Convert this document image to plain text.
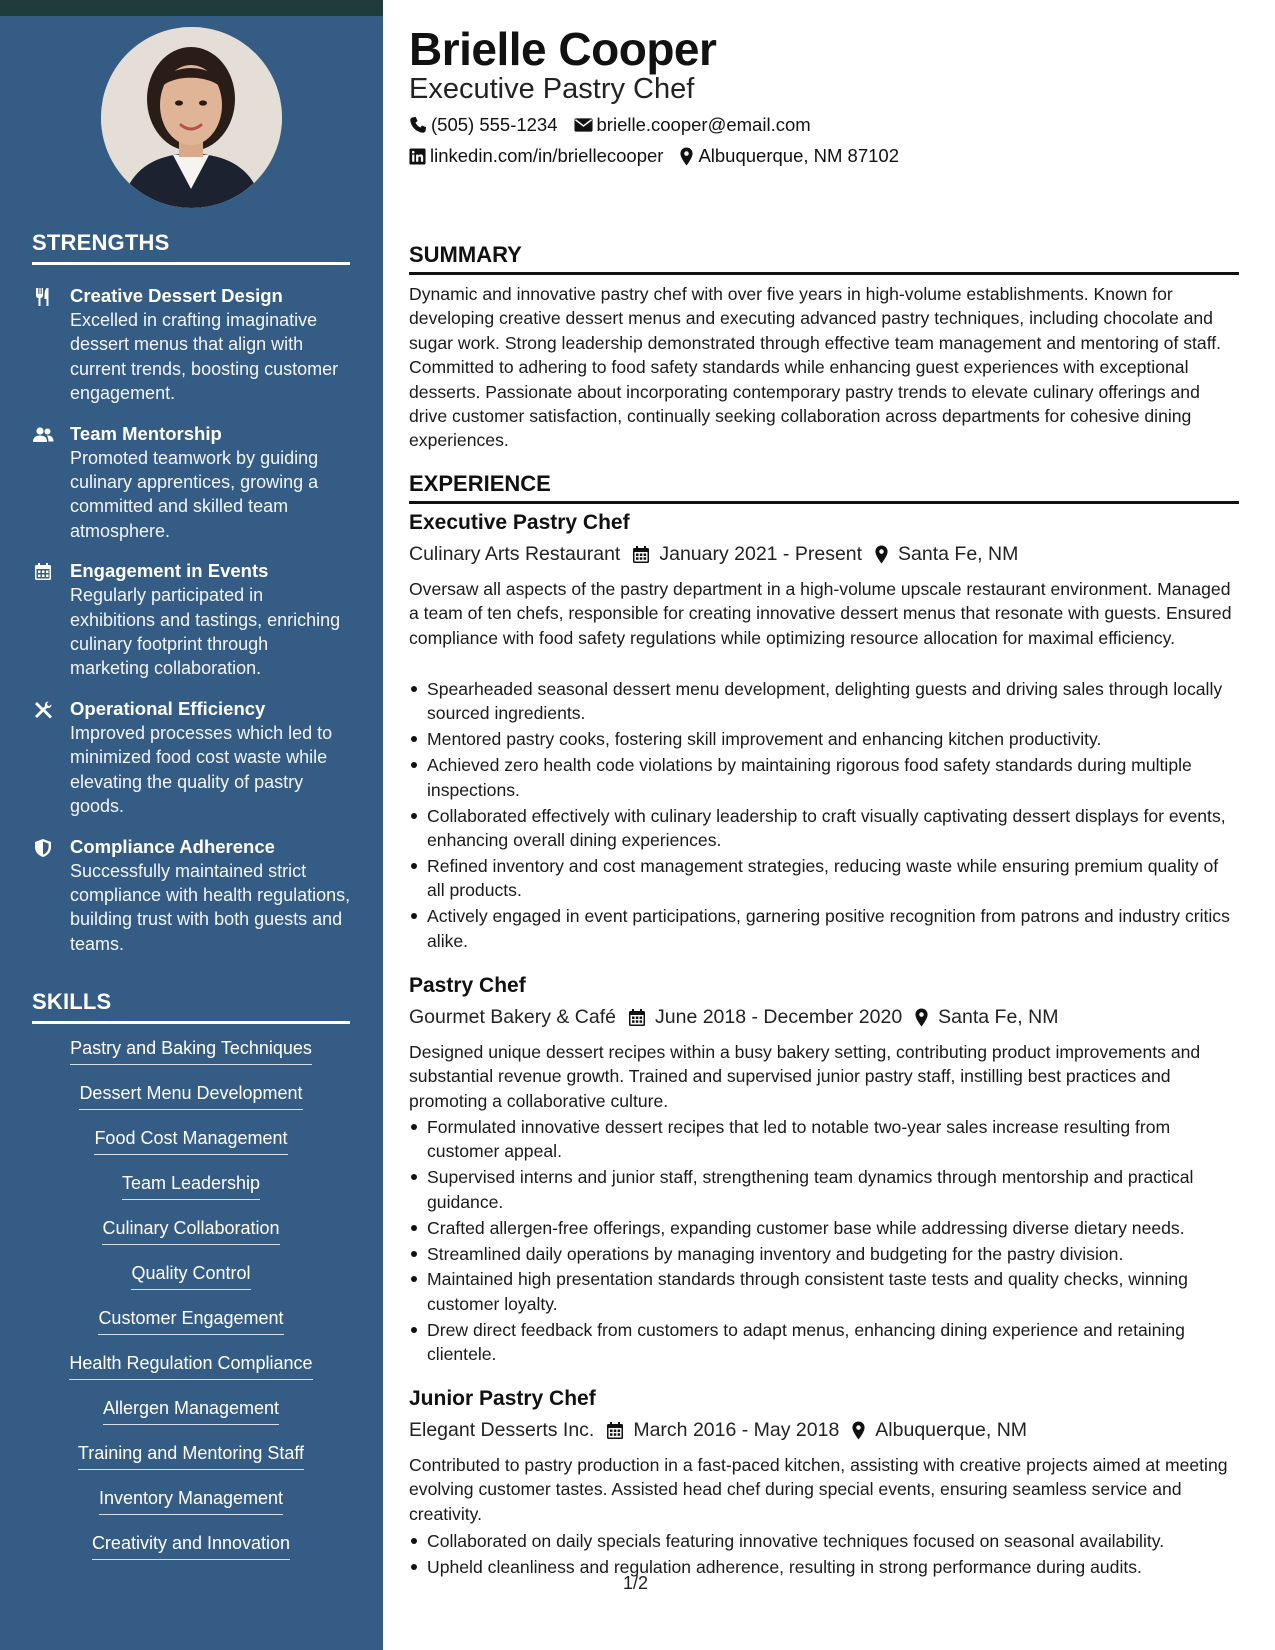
STRENGTHS
Creative Dessert Design
Excelled in crafting imaginative dessert menus that align with current trends, boosting customer engagement.
Team Mentorship
Promoted teamwork by guiding culinary apprentices, growing a committed and skilled team atmosphere.
Engagement in Events
Regularly participated in exhibitions and tastings, enriching culinary footprint through marketing collaboration.
Operational Efficiency
Improved processes which led to minimized food cost waste while elevating the quality of pastry goods.
Compliance Adherence
Successfully maintained strict compliance with health regulations, building trust with both guests and teams.
SKILLS
Pastry and Baking Techniques
Dessert Menu Development
Food Cost Management
Team Leadership
Culinary Collaboration
Quality Control
Customer Engagement
Health Regulation Compliance
Allergen Management
Training and Mentoring Staff
Inventory Management
Creativity and Innovation
Brielle Cooper
Executive Pastry Chef
(505) 555-1234 brielle.cooper@email.com
linkedin.com/in/briellecooper Albuquerque, NM 87102
SUMMARY
Dynamic and innovative pastry chef with over five years in high-volume establishments. Known for developing creative dessert menus and executing advanced pastry techniques, including chocolate and sugar work. Strong leadership demonstrated through effective team management and mentoring of staff. Committed to adhering to food safety standards while enhancing guest experiences with exceptional desserts. Passionate about incorporating contemporary pastry trends to elevate culinary offerings and drive customer satisfaction, continually seeking collaboration across departments for cohesive dining experiences.
EXPERIENCE
Executive Pastry Chef
Culinary Arts Restaurant January 2021 - Present Santa Fe, NM
Oversaw all aspects of the pastry department in a high-volume upscale restaurant environment. Managed a team of ten chefs, responsible for creating innovative dessert menus that resonate with guests. Ensured compliance with food safety regulations while optimizing resource allocation for maximal efficiency.
Spearheaded seasonal dessert menu development, delighting guests and driving sales through locally sourced ingredients.
Mentored pastry cooks, fostering skill improvement and enhancing kitchen productivity.
Achieved zero health code violations by maintaining rigorous food safety standards during multiple inspections.
Collaborated effectively with culinary leadership to craft visually captivating dessert displays for events, enhancing overall dining experiences.
Refined inventory and cost management strategies, reducing waste while ensuring premium quality of all products.
Actively engaged in event participations, garnering positive recognition from patrons and industry critics alike.
Pastry Chef
Gourmet Bakery & Café June 2018 - December 2020 Santa Fe, NM
Designed unique dessert recipes within a busy bakery setting, contributing product improvements and substantial revenue growth. Trained and supervised junior pastry staff, instilling best practices and promoting a collaborative culture.
Formulated innovative dessert recipes that led to notable two-year sales increase resulting from customer appeal.
Supervised interns and junior staff, strengthening team dynamics through mentorship and practical guidance.
Crafted allergen-free offerings, expanding customer base while addressing diverse dietary needs.
Streamlined daily operations by managing inventory and budgeting for the pastry division.
Maintained high presentation standards through consistent taste tests and quality checks, winning customer loyalty.
Drew direct feedback from customers to adapt menus, enhancing dining experience and retaining clientele.
Junior Pastry Chef
Elegant Desserts Inc. March 2016 - May 2018 Albuquerque, NM
Contributed to pastry production in a fast-paced kitchen, assisting with creative projects aimed at meeting evolving customer tastes. Assisted head chef during special events, ensuring seamless service and creativity.
Collaborated on daily specials featuring innovative techniques focused on seasonal availability.
Upheld cleanliness and regulation adherence, resulting in strong performance during audits.
1/2
